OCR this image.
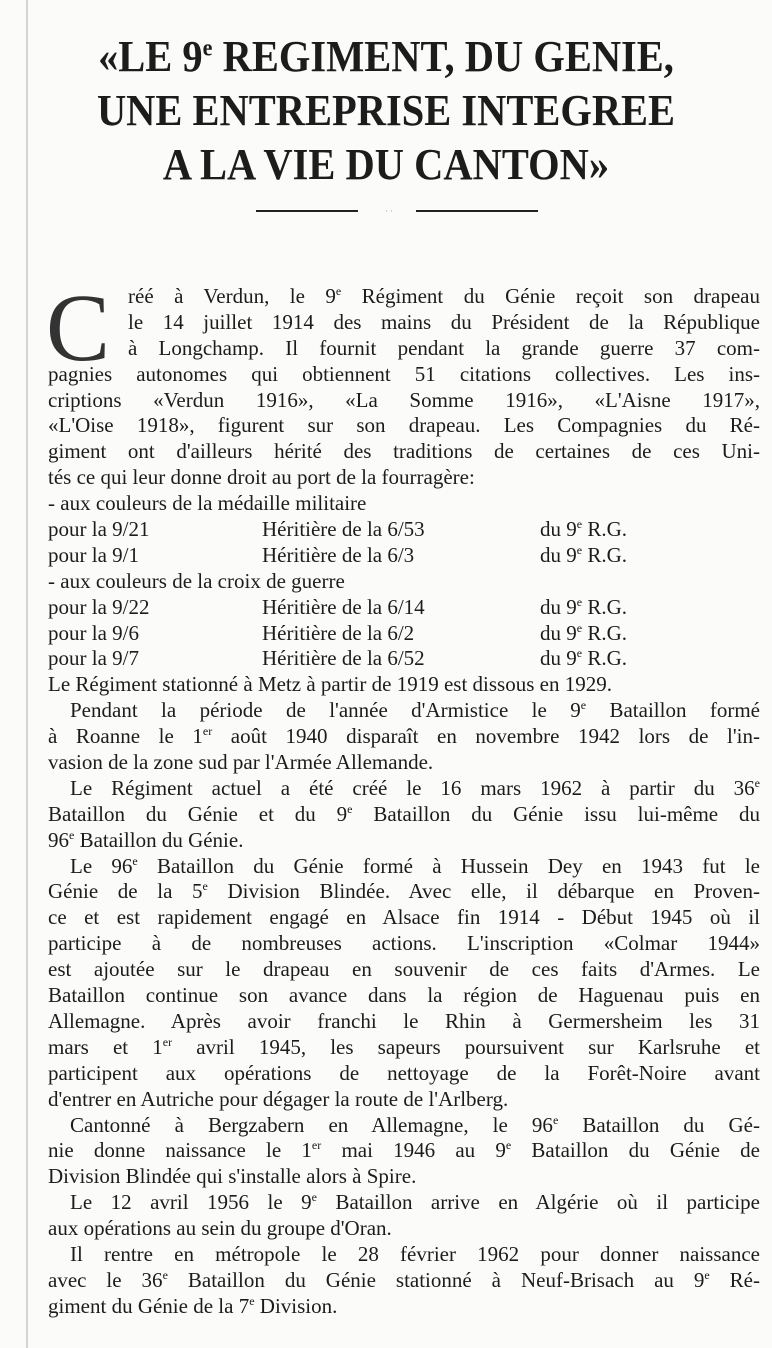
«LE 9e REGIMENT, DU GENIE,
UNE ENTREPRISE INTEGREE
A LA VIE DU CANTON»
· ·
C réé à Verdun, le 9e Régiment du Génie reçoit son drapeau
le 14 juillet 1914 des mains du Président de la République
à Longchamp. Il fournit pendant la grande guerre 37 com-
pagnies autonomes qui obtiennent 51 citations collectives. Les ins-
criptions «Verdun 1916», «La Somme 1916», «L'Aisne 1917»,
«L'Oise 1918», figurent sur son drapeau. Les Compagnies du Ré-
giment ont d'ailleurs hérité des traditions de certaines de ces Uni-
tés ce qui leur donne droit au port de la fourragère:
- aux couleurs de la médaille militaire
pour la 9/21	Héritière de la 6/53	du 9e R.G.
pour la 9/1	Héritière de la 6/3	du 9e R.G.
- aux couleurs de la croix de guerre
pour la 9/22	Héritière de la 6/14	du 9e R.G.
pour la 9/6	Héritière de la 6/2	du 9e R.G.
pour la 9/7	Héritière de la 6/52	du 9e R.G.
Le Régiment stationné à Metz à partir de 1919 est dissous en 1929.
Pendant la période de l'année d'Armistice le 9e Bataillon formé
à Roanne le 1er août 1940 disparaît en novembre 1942 lors de l'in-
vasion de la zone sud par l'Armée Allemande.
Le Régiment actuel a été créé le 16 mars 1962 à partir du 36e
Bataillon du Génie et du 9e Bataillon du Génie issu lui-même du
96e Bataillon du Génie.
Le 96e Bataillon du Génie formé à Hussein Dey en 1943 fut le
Génie de la 5e Division Blindée. Avec elle, il débarque en Proven-
ce et est rapidement engagé en Alsace fin 1914 - Début 1945 où il
participe à de nombreuses actions. L'inscription «Colmar 1944»
est ajoutée sur le drapeau en souvenir de ces faits d'Armes. Le
Bataillon continue son avance dans la région de Haguenau puis en
Allemagne. Après avoir franchi le Rhin à Germersheim les 31
mars et 1er avril 1945, les sapeurs poursuivent sur Karlsruhe et
participent aux opérations de nettoyage de la Forêt-Noire avant
d'entrer en Autriche pour dégager la route de l'Arlberg.
Cantonné à Bergzabern en Allemagne, le 96e Bataillon du Gé-
nie donne naissance le 1er mai 1946 au 9e Bataillon du Génie de
Division Blindée qui s'installe alors à Spire.
Le 12 avril 1956 le 9e Bataillon arrive en Algérie où il participe
aux opérations au sein du groupe d'Oran.
Il rentre en métropole le 28 février 1962 pour donner naissance
avec le 36e Bataillon du Génie stationné à Neuf-Brisach au 9e Ré-
giment du Génie de la 7e Division.
